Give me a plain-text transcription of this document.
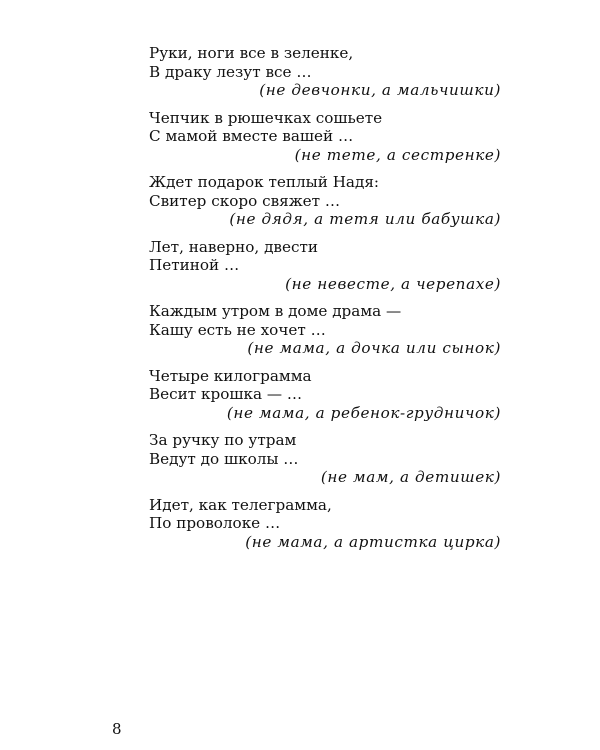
Руки, ноги все в зеленке,
В драку лезут все …
(не девчонки, а мальчишки)
Чепчик в рюшечках сошьете
С мамой вместе вашей …
(не тете, а сестренке)
Ждет подарок теплый Надя:
Свитер скоро свяжет …
(не дядя, а тетя или бабушка)
Лет, наверно, двести
Петиной …
(не невесте, а черепахе)
Каждым утром в доме драма —
Кашу есть не хочет …
(не мама, а дочка или сынок)
Четыре килограмма
Весит крошка — …
(не мама, а ребенок-грудничок)
За ручку по утрам
Ведут до школы …
(не мам, а детишек)
Идет, как телеграмма,
По проволоке …
(не мама, а артистка цирка)
8
